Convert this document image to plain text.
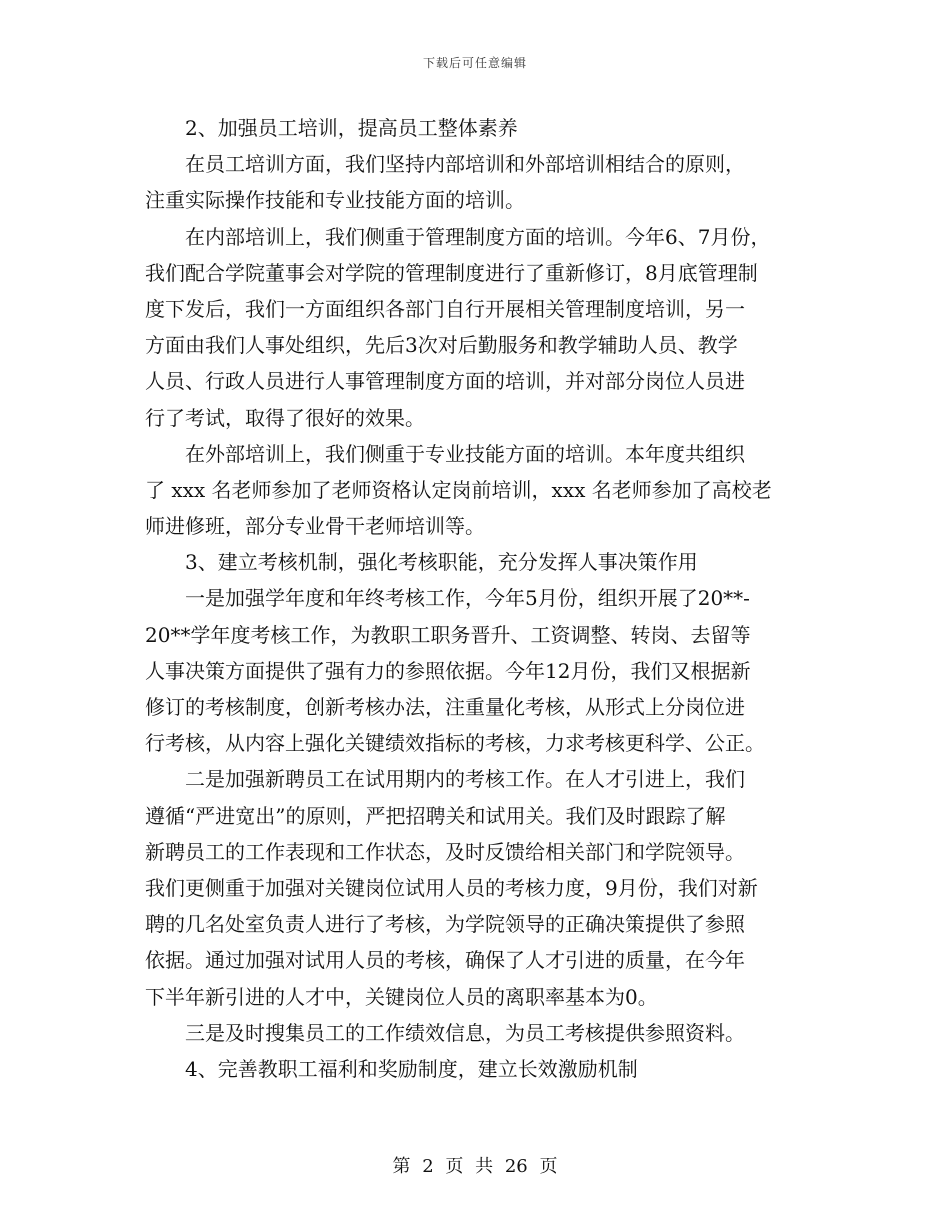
下载后可任意编辑
　　2、加强员工培训，提高员工整体素养
　　在员工培训方面，我们坚持内部培训和外部培训相结合的原则，
注重实际操作技能和专业技能方面的培训。
　　在内部培训上，我们侧重于管理制度方面的培训。今年6、7月份，
我们配合学院董事会对学院的管理制度进行了重新修订，8月底管理制
度下发后，我们一方面组织各部门自行开展相关管理制度培训，另一
方面由我们人事处组织，先后3次对后勤服务和教学辅助人员、教学
人员、行政人员进行人事管理制度方面的培训，并对部分岗位人员进
行了考试，取得了很好的效果。
　　在外部培训上，我们侧重于专业技能方面的培训。本年度共组织
了 xxx 名老师参加了老师资格认定岗前培训，xxx 名老师参加了高校老
师进修班，部分专业骨干老师培训等。
　　3、建立考核机制，强化考核职能，充分发挥人事决策作用
　　一是加强学年度和年终考核工作，今年5月份，组织开展了20**-
20**学年度考核工作，为教职工职务晋升、工资调整、转岗、去留等
人事决策方面提供了强有力的参照依据。今年12月份，我们又根据新
修订的考核制度，创新考核办法，注重量化考核，从形式上分岗位进
行考核，从内容上强化关键绩效指标的考核，力求考核更科学、公正。
　　二是加强新聘员工在试用期内的考核工作。在人才引进上，我们
遵循“严进宽出”的原则，严把招聘关和试用关。我们及时跟踪了解
新聘员工的工作表现和工作状态，及时反馈给相关部门和学院领导。
我们更侧重于加强对关键岗位试用人员的考核力度，9月份，我们对新
聘的几名处室负责人进行了考核，为学院领导的正确决策提供了参照
依据。通过加强对试用人员的考核，确保了人才引进的质量，在今年
下半年新引进的人才中，关键岗位人员的离职率基本为0。
　　三是及时搜集员工的工作绩效信息，为员工考核提供参照资料。
　　4、完善教职工福利和奖励制度，建立长效激励机制
第 2 页 共 26 页
